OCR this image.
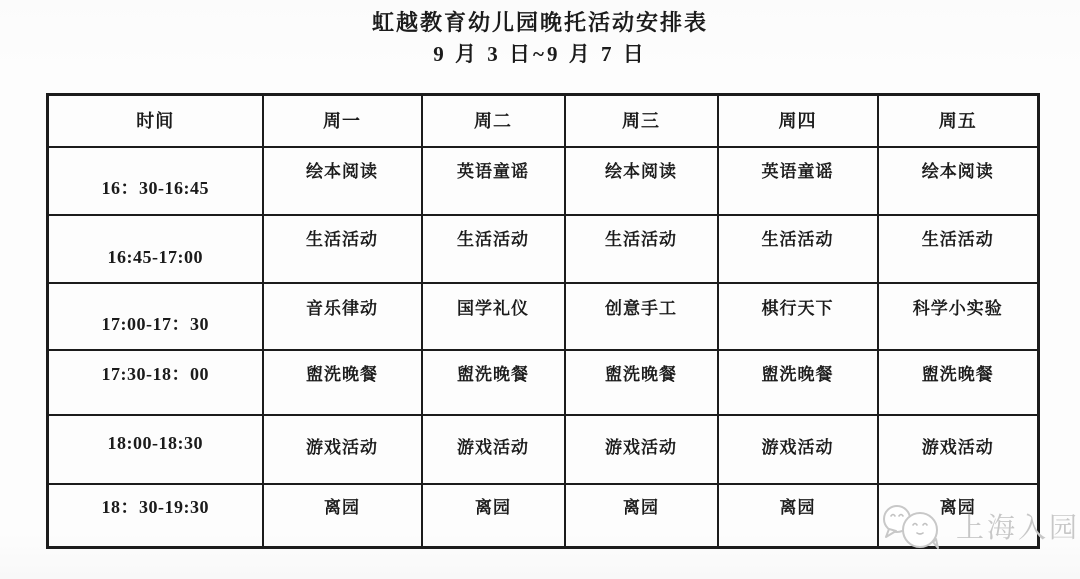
虹越教育幼儿园晚托活动安排表
9 月 3 日~9 月 7 日
时间	周一	周二	周三	周四	周五
16：30-16:45	绘本阅读	英语童谣	绘本阅读	英语童谣	绘本阅读
16:45-17:00	生活活动	生活活动	生活活动	生活活动	生活活动
17:00-17：30	音乐律动	国学礼仪	创意手工	棋行天下	科学小实验
17:30-18：00	盥洗晚餐	盥洗晚餐	盥洗晚餐	盥洗晚餐	盥洗晚餐
18:00-18:30	游戏活动	游戏活动	游戏活动	游戏活动	游戏活动
18：30-19:30	离园	离园	离园	离园	离园
上海入园
